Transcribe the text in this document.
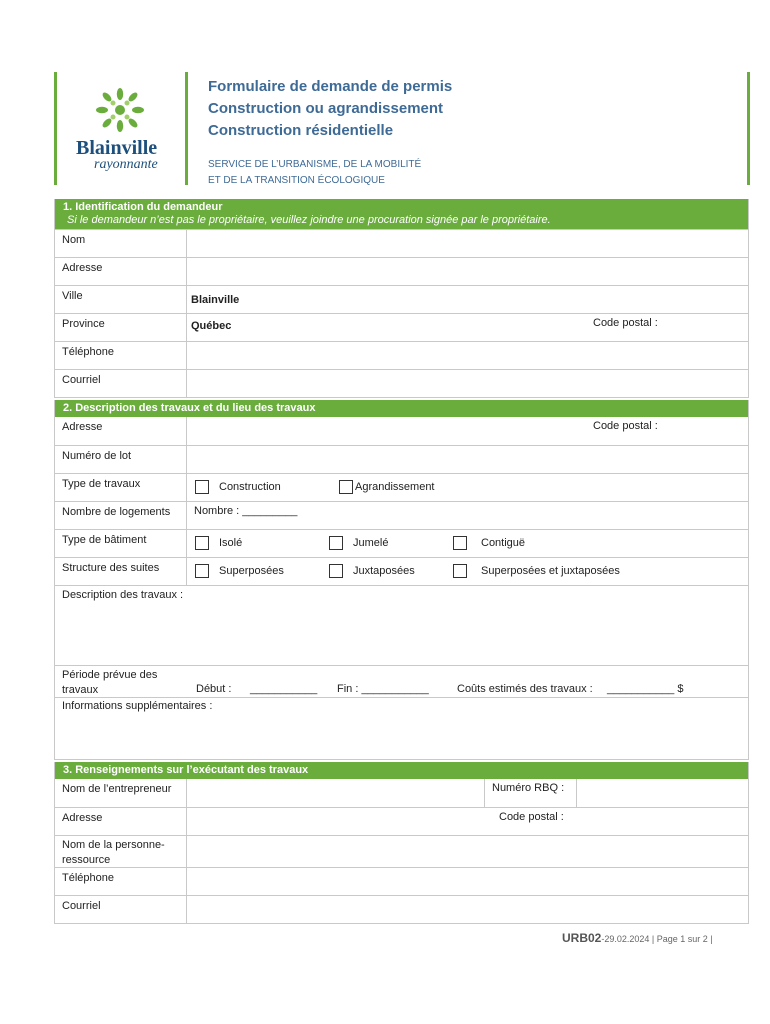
Blainville
rayonnante
Formulaire de demande de permis
Construction ou agrandissement
Construction résidentielle
SERVICE DE L’URBANISME, DE LA MOBILITÉ
ET DE LA TRANSITION ÉCOLOGIQUE
1. Identification du demandeur
Si le demandeur n’est pas le propriétaire, veuillez joindre une procuration signée par le propriétaire.
Nom
Adresse
Ville	Blainville
Province	Québec	Code postal :
Téléphone
Courriel
2. Description des travaux et du lieu des travaux
Adresse	Code postal :
Numéro de lot
Type de travaux	Construction	Agrandissement
Nombre de logements	Nombre : _________
Type de bâtiment	Isolé	Jumelé	Contiguë
Structure des suites	Superposées	Juxtaposées	Superposées et juxtaposées
Description des travaux :
Période prévue des
travaux	Début : ___________ Fin : ___________	Coûts estimés des travaux : ___________ $
Informations supplémentaires :
3. Renseignements sur l’exécutant des travaux
Nom de l’entrepreneur	Numéro RBQ :
Adresse	Code postal :
Nom de la personne-
ressource
Téléphone
Courriel
URB02-29.02.2024 | Page 1 sur 2 |
